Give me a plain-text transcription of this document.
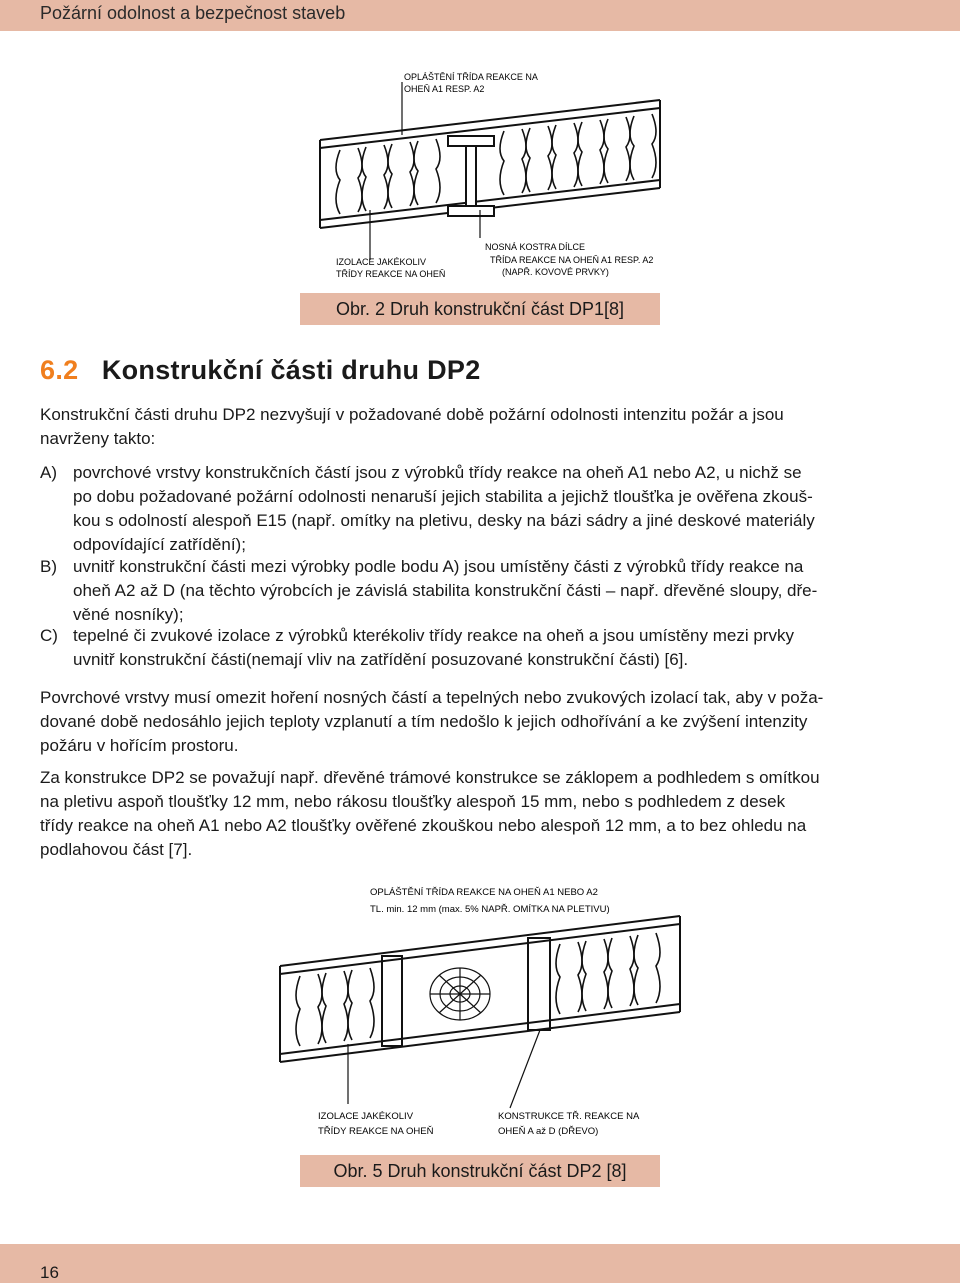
Požární odolnost a bezpečnost staveb
OPLÁŠTĚNÍ TŘÍDA REAKCE NA
OHEŇ A1 RESP. A2
IZOLACE JAKÉKOLIV
TŘÍDY REAKCE NA OHEŇ
NOSNÁ KOSTRA DÍLCE
TŘÍDA REAKCE NA OHEŇ A1 RESP. A2
(NAPŘ. KOVOVÉ PRVKY)
Obr. 2 Druh konstrukční část DP1[8]
6.2 Konstrukční části druhu DP2
Konstrukční části druhu DP2 nezvyšují v požadované době požární odolnosti intenzitu požár a jsou
navrženy takto:
A) povrchové vrstvy konstrukčních částí jsou z výrobků třídy reakce na oheň A1 nebo A2, u nichž se
po dobu požadované požární odolnosti nenaruší jejich stabilita a jejichž tloušťka je ověřena zkouš-
kou s odolností alespoň E15 (např. omítky na pletivu, desky na bázi sádry a jiné deskové materiály
odpovídající zatřídění);
B) uvnitř konstrukční části mezi výrobky podle bodu A) jsou umístěny části z výrobků třídy reakce na
oheň A2 až D (na těchto výrobcích je závislá stabilita konstrukční části – např. dřevěné sloupy, dře-
věné nosníky);
C) tepelné či zvukové izolace z výrobků kterékoliv třídy reakce na oheň a jsou umístěny mezi prvky
uvnitř konstrukční části(nemají vliv na zatřídění posuzované konstrukční části) [6].
Povrchové vrstvy musí omezit hoření nosných částí a tepelných nebo zvukových izolací tak, aby v poža-
dované době nedosáhlo jejich teploty vzplanutí a tím nedošlo k jejich odhořívání a ke zvýšení intenzity
požáru v hořícím prostoru.
Za konstrukce DP2 se považují např. dřevěné trámové konstrukce se záklopem a podhledem s omítkou
na pletivu aspoň tloušťky 12 mm, nebo rákosu tloušťky alespoň 15 mm, nebo s podhledem z desek
třídy reakce na oheň A1 nebo A2 tloušťky ověřené zkouškou nebo alespoň 12 mm, a to bez ohledu na
podlahovou část [7].
OPLÁŠTĚNÍ TŘÍDA REAKCE NA OHEŇ A1 NEBO A2
TL. min. 12 mm (max. 5% NAPŘ. OMÍTKA NA PLETIVU)
IZOLACE JAKÉKOLIV
TŘÍDY REAKCE NA OHEŇ
KONSTRUKCE TŘ. REAKCE NA
OHEŇ A až D (DŘEVO)
Obr. 5 Druh konstrukční část DP2 [8]
16
